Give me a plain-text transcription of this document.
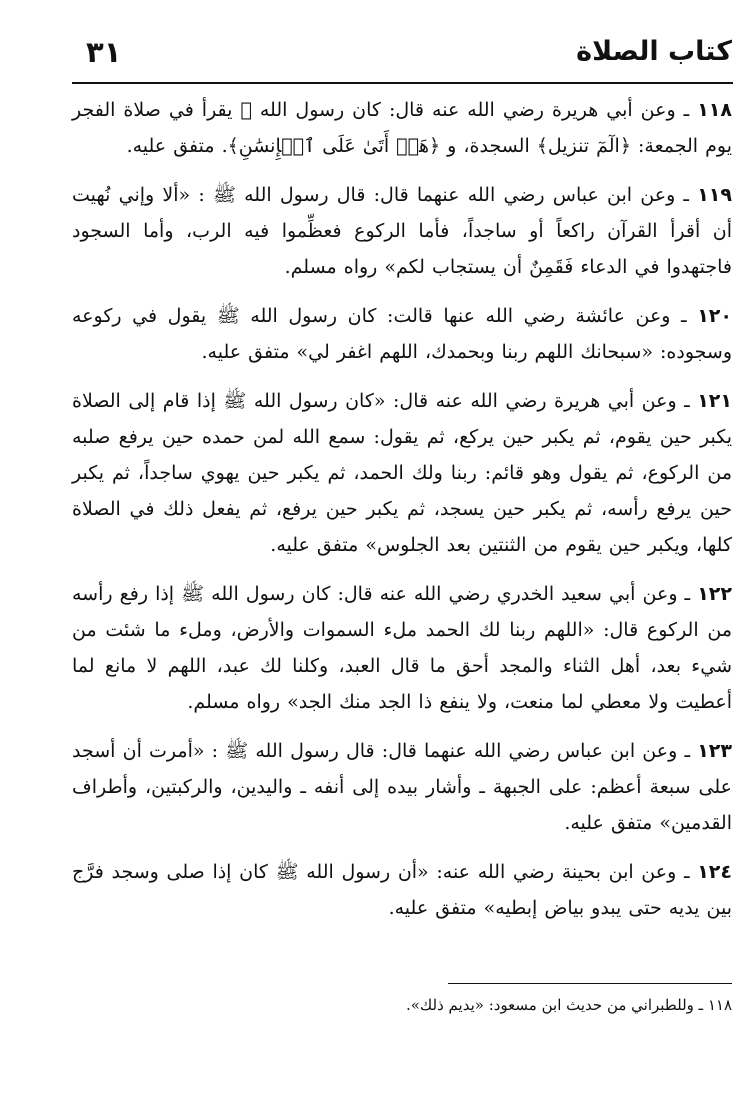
كتاب الصلاة
٣١

١١٨ ـ وعن أبي هريرة رضي الله عنه قال: كان رسول الله ﷺ يقرأ في صلاة الفجر يوم الجمعة: ﴿الٓمٓ تنزيل﴾ السجدة، و ﴿هَلۡ أَتَىٰ عَلَى ٱلۡإِنسَٰنِ﴾. متفق عليه.

١١٩ ـ وعن ابن عباس رضي الله عنهما قال: قال رسول الله ﷺ : «ألا وإني نُهيت أن أقرأ القرآن راكعاً أو ساجداً، فأما الركوع فعظِّموا فيه الرب، وأما السجود فاجتهدوا في الدعاء فَقَمِنٌ أن يستجاب لكم» رواه مسلم.

١٢٠ ـ وعن عائشة رضي الله عنها قالت: كان رسول الله ﷺ يقول في ركوعه وسجوده: «سبحانك اللهم ربنا وبحمدك، اللهم اغفر لي» متفق عليه.

١٢١ ـ وعن أبي هريرة رضي الله عنه قال: «كان رسول الله ﷺ إذا قام إلى الصلاة يكبر حين يقوم، ثم يكبر حين يركع، ثم يقول: سمع الله لمن حمده حين يرفع صلبه من الركوع، ثم يقول وهو قائم: ربنا ولك الحمد، ثم يكبر حين يهوي ساجداً، ثم يكبر حين يرفع رأسه، ثم يكبر حين يسجد، ثم يكبر حين يرفع، ثم يفعل ذلك في الصلاة كلها، ويكبر حين يقوم من الثنتين بعد الجلوس» متفق عليه.

١٢٢ ـ وعن أبي سعيد الخدري رضي الله عنه قال: كان رسول الله ﷺ إذا رفع رأسه من الركوع قال: «اللهم ربنا لك الحمد ملء السموات والأرض، وملء ما شئت من شيء بعد، أهل الثناء والمجد أحق ما قال العبد، وكلنا لك عبد، اللهم لا مانع لما أعطيت ولا معطي لما منعت، ولا ينفع ذا الجد منك الجد» رواه مسلم.

١٢٣ ـ وعن ابن عباس رضي الله عنهما قال: قال رسول الله ﷺ : «أمرت أن أسجد على سبعة أعظم: على الجبهة ـ وأشار بيده إلى أنفه ـ واليدين، والركبتين، وأطراف القدمين» متفق عليه.

١٢٤ ـ وعن ابن بحينة رضي الله عنه: «أن رسول الله ﷺ كان إذا صلى وسجد فرَّج بين يديه حتى يبدو بياض إبطيه» متفق عليه.

١١٨ ـ وللطبراني من حديث ابن مسعود: «يديم ذلك».
